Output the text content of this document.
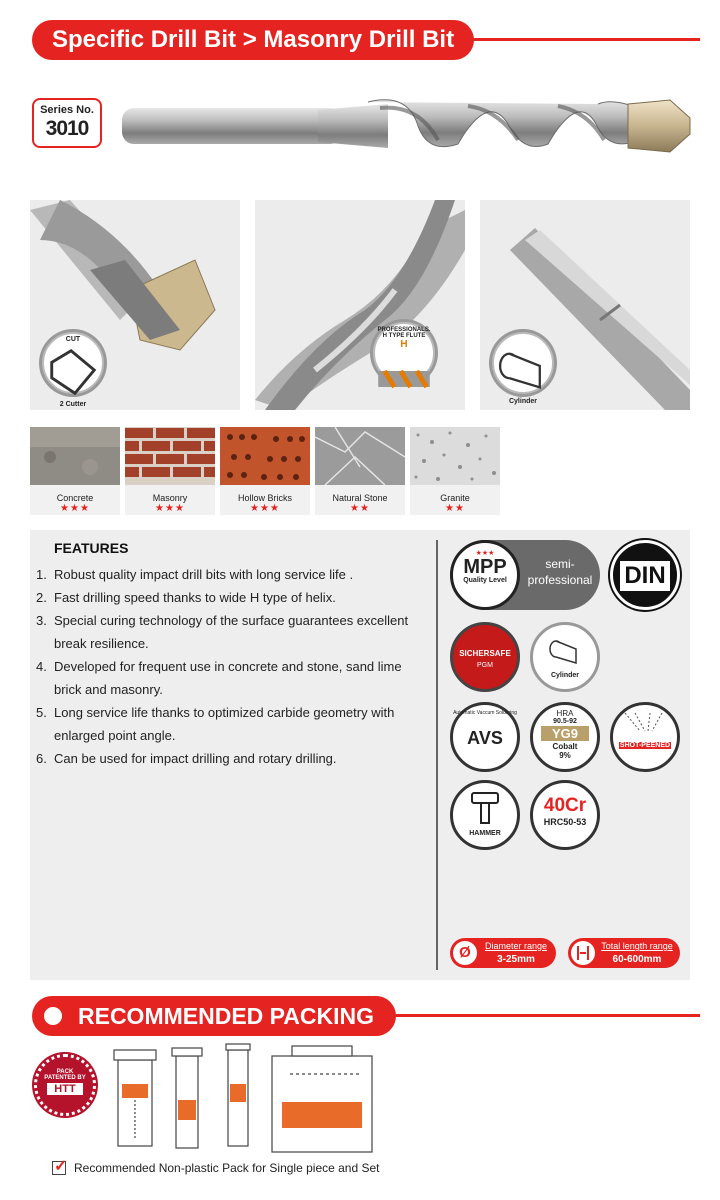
Specific Drill Bit > Masonry Drill Bit
Series No.
3010
CUT
2 Cutter
PROFESSIONALS. H TYPE FLUTE
H
Cylinder
Concrete
★★★
Masonry
★★★
Hollow Bricks
★★★
Natural Stone
★★
Granite
★★
FEATURES
1. Robust quality impact drill bits with long service life .
2. Fast drilling speed thanks to wide H type of helix.
3. Special curing technology of the surface guarantees excellent break resilience.
4. Developed for frequent use in concrete and stone, sand lime brick and masonry.
5. Long service life thanks to optimized carbide geometry with enlarged point angle.
6. Can be used for impact drilling and rotary drilling.
★★★
MPP
Quality Level
semi-professional DIN
SICHERSAFE
PGM
Cylinder
Automatic Vaccum Soldering
AVS
HRA
90.5-92
YG9
Cobalt
9%
SHOT-PEENED
HAMMER
40Cr
HRC50-53
Ø	Diameter range
3-25mm
Total length range
60-600mm
RECOMMENDED PACKING
PACK
PATENTED BY
HTT
✓ Recommended Non-plastic Pack for Single piece and Set
